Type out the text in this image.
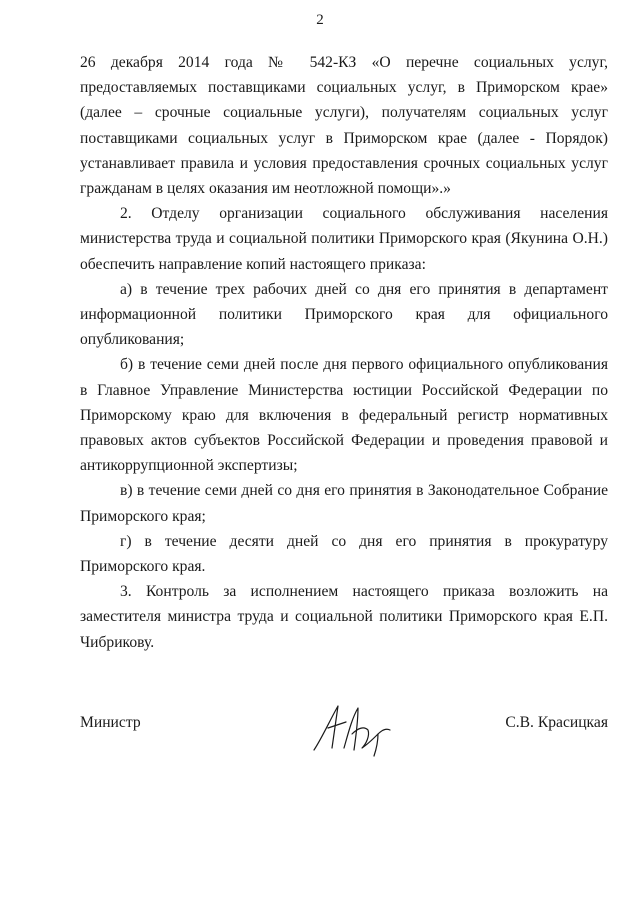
2

26 декабря 2014 года № 542-КЗ «О перечне социальных услуг, предоставляемых поставщиками социальных услуг, в Приморском крае» (далее – срочные социальные услуги), получателям социальных услуг поставщиками социальных услуг в Приморском крае (далее - Порядок) устанавливает правила и условия предоставления срочных социальных услуг гражданам в целях оказания им неотложной помощи».»

2. Отделу организации социального обслуживания населения министерства труда и социальной политики Приморского края (Якунина О.Н.) обеспечить направление копий настоящего приказа:

а) в течение трех рабочих дней со дня его принятия в департамент информационной политики Приморского края для официального опубликования;

б) в течение семи дней после дня первого официального опубликования в Главное Управление Министерства юстиции Российской Федерации по Приморскому краю для включения в федеральный регистр нормативных правовых актов субъектов Российской Федерации и проведения правовой и антикоррупционной экспертизы;

в) в течение семи дней со дня его принятия в Законодательное Собрание Приморского края;

г) в течение десяти дней со дня его принятия в прокуратуру Приморского края.

3. Контроль за исполнением настоящего приказа возложить на заместителя министра труда и социальной политики Приморского края Е.П. Чибрикову.

Министр	С.В. Красицкая
